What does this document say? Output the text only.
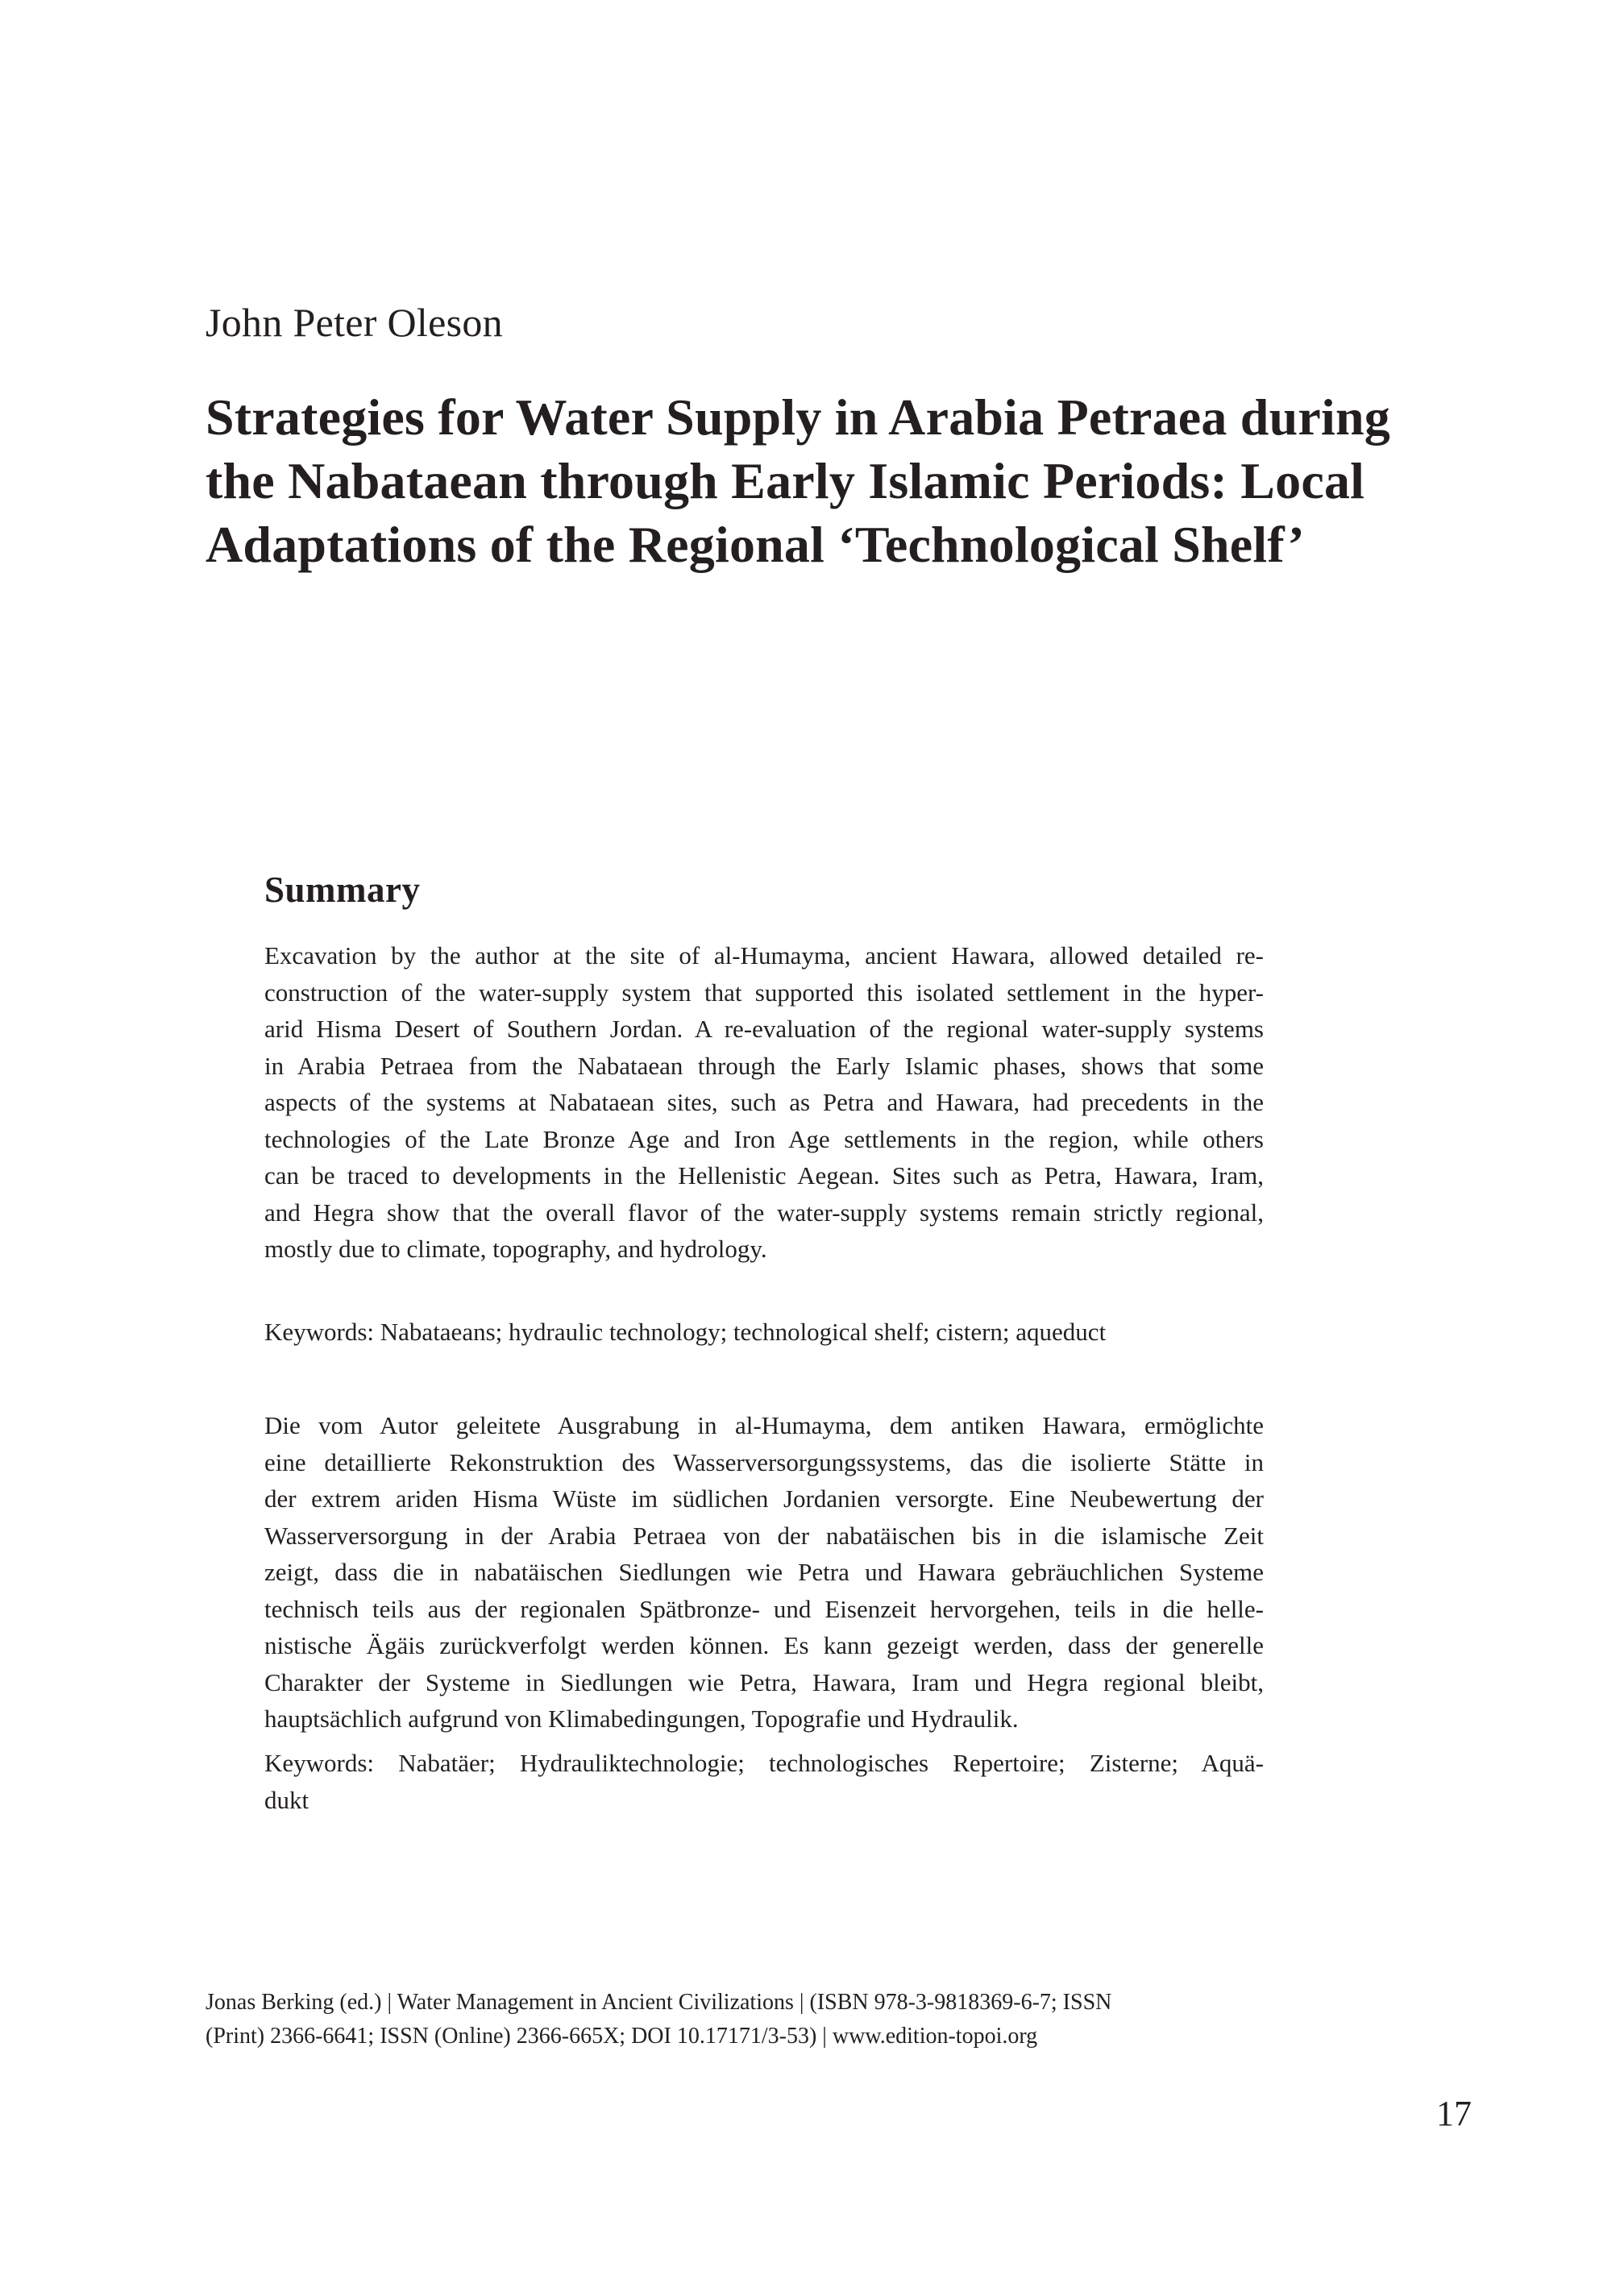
John Peter Oleson
Strategies for Water Supply in Arabia Petraea during
the Nabataean through Early Islamic Periods: Local
Adaptations of the Regional ‘Technological Shelf’
Summary
Excavation by the author at the site of al-Humayma, ancient Hawara, allowed detailed re-
construction of the water-supply system that supported this isolated settlement in the hyper-
arid Hisma Desert of Southern Jordan. A re-evaluation of the regional water-supply systems
in Arabia Petraea from the Nabataean through the Early Islamic phases, shows that some
aspects of the systems at Nabataean sites, such as Petra and Hawara, had precedents in the
technologies of the Late Bronze Age and Iron Age settlements in the region, while others
can be traced to developments in the Hellenistic Aegean. Sites such as Petra, Hawara, Iram,
and Hegra show that the overall flavor of the water-supply systems remain strictly regional,
mostly due to climate, topography, and hydrology.
Keywords: Nabataeans; hydraulic technology; technological shelf; cistern; aqueduct
Die vom Autor geleitete Ausgrabung in al-Humayma, dem antiken Hawara, ermöglichte
eine detaillierte Rekonstruktion des Wasserversorgungssystems, das die isolierte Stätte in
der extrem ariden Hisma Wüste im südlichen Jordanien versorgte. Eine Neubewertung der
Wasserversorgung in der Arabia Petraea von der nabatäischen bis in die islamische Zeit
zeigt, dass die in nabatäischen Siedlungen wie Petra und Hawara gebräuchlichen Systeme
technisch teils aus der regionalen Spätbronze- und Eisenzeit hervorgehen, teils in die helle-
nistische Ägäis zurückverfolgt werden können. Es kann gezeigt werden, dass der generelle
Charakter der Systeme in Siedlungen wie Petra, Hawara, Iram und Hegra regional bleibt,
hauptsächlich aufgrund von Klimabedingungen, Topografie und Hydraulik.
Keywords: Nabatäer; Hydrauliktechnologie; technologisches Repertoire; Zisterne; Aquä-
dukt
Jonas Berking (ed.) | Water Management in Ancient Civilizations | (ISBN 978-3-9818369-6-7; ISSN
(Print) 2366-6641; ISSN (Online) 2366-665X; DOI 10.17171/3-53) | www.edition-topoi.org
17
